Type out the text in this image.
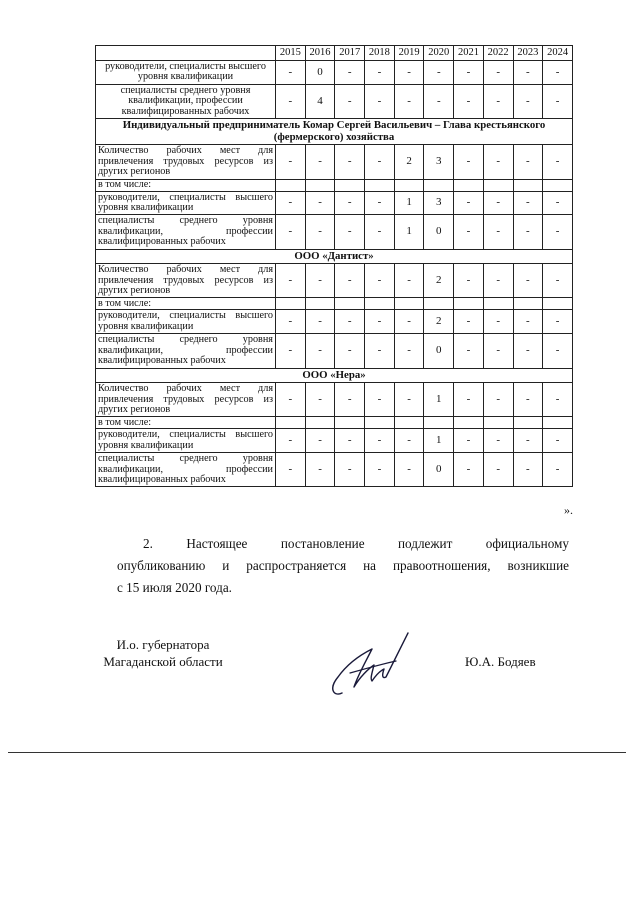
	2015	2016	2017	2018	2019	2020	2021	2022	2023	2024
руководители, специалисты высшего уровня квалификации	-	0	-	-	-	-	-	-	-	-
специалисты среднего уровня квалификации, профессии квалифицированных рабочих	-	4	-	-	-	-	-	-	-	-
Индивидуальный предприниматель Комар Сергей Васильевич – Глава крестьянского (фермерского) хозяйства										
Количество рабочих мест для привлечения трудовых ресурсов из других регионов	-	-	-	-	2	3	-	-	-	-
в том числе:										
руководители, специалисты высшего уровня квалификации	-	-	-	-	1	3	-	-	-	-
специалисты среднего уровня квалификации, профессии квалифицированных рабочих	-	-	-	-	1	0	-	-	-	-
ООО «Дантист»										
Количество рабочих мест для привлечения трудовых ресурсов из других регионов	-	-	-	-	-	2	-	-	-	-
в том числе:										
руководители, специалисты высшего уровня квалификации	-	-	-	-	-	2	-	-	-	-
специалисты среднего уровня квалификации, профессии квалифицированных рабочих	-	-	-	-	-	0	-	-	-	-
ООО «Нера»										
Количество рабочих мест для привлечения трудовых ресурсов из других регионов	-	-	-	-	-	1	-	-	-	-
в том числе:										
руководители, специалисты высшего уровня квалификации	-	-	-	-	-	1	-	-	-	-
специалисты среднего уровня квалификации, профессии квалифицированных рабочих	-	-	-	-	-	0	-	-	-	-
».
2. Настоящее постановление подлежит официальному
опубликованию и распространяется на правоотношения, возникшие
с 15 июля 2020 года.
И.о. губернатора
Магаданской области	Ю.А. Бодяев
